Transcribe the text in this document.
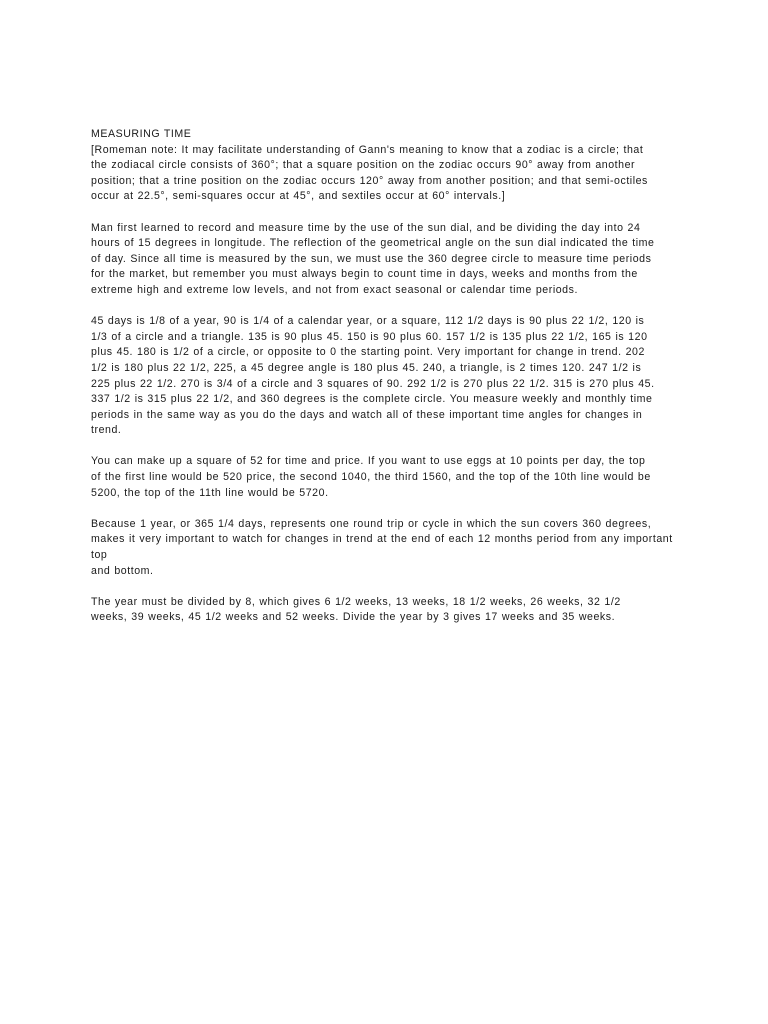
MEASURING TIME

[Romeman note: It may facilitate understanding of Gann's meaning to know that a zodiac is a circle; that
the zodiacal circle consists of 360°; that a square position on the zodiac occurs 90° away from another
position; that a trine position on the zodiac occurs 120° away from another position; and that semi-octiles
occur at 22.5°, semi-squares occur at 45°, and sextiles occur at 60° intervals.]

Man first learned to record and measure time by the use of the sun dial, and be dividing the day into 24
hours of 15 degrees in longitude. The reflection of the geometrical angle on the sun dial indicated the time
of day. Since all time is measured by the sun, we must use the 360 degree circle to measure time periods
for the market, but remember you must always begin to count time in days, weeks and months from the
extreme high and extreme low levels, and not from exact seasonal or calendar time periods.

45 days is 1/8 of a year, 90 is 1/4 of a calendar year, or a square, 112 1/2 days is 90 plus 22 1/2, 120 is
1/3 of a circle and a triangle. 135 is 90 plus 45. 150 is 90 plus 60. 157 1/2 is 135 plus 22 1/2, 165 is 120
plus 45. 180 is 1/2 of a circle, or opposite to 0 the starting point. Very important for change in trend. 202
1/2 is 180 plus 22 1/2, 225, a 45 degree angle is 180 plus 45. 240, a triangle, is 2 times 120. 247 1/2 is
225 plus 22 1/2. 270 is 3/4 of a circle and 3 squares of 90. 292 1/2 is 270 plus 22 1/2. 315 is 270 plus 45.
337 1/2 is 315 plus 22 1/2, and 360 degrees is the complete circle. You measure weekly and monthly time
periods in the same way as you do the days and watch all of these important time angles for changes in
trend.

You can make up a square of 52 for time and price. If you want to use eggs at 10 points per day, the top
of the first line would be 520 price, the second 1040, the third 1560, and the top of the 10th line would be
5200, the top of the 11th line would be 5720.

Because 1 year, or 365 1/4 days, represents one round trip or cycle in which the sun covers 360 degrees,
makes it very important to watch for changes in trend at the end of each 12 months period from any important top
and bottom.

The year must be divided by 8, which gives 6 1/2 weeks, 13 weeks, 18 1/2 weeks, 26 weeks, 32 1/2
weeks, 39 weeks, 45 1/2 weeks and 52 weeks. Divide the year by 3 gives 17 weeks and 35 weeks.
